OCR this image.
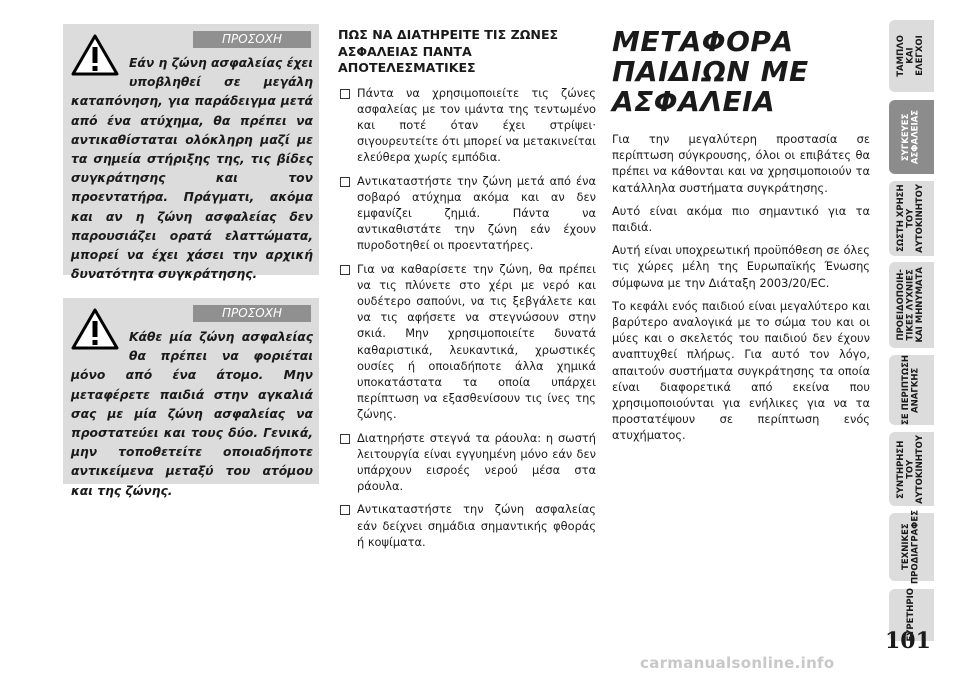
ΠΡΟΣΟΧΗ
Εάν η ζώνη ασφαλείας έχει υποβληθεί σε μεγάλη καταπόνηση, για παράδειγμα μετά από ένα ατύχημα, θα πρέπει να αντικαθίσταται ολόκληρη μαζί με τα σημεία στήριξης της, τις βίδες συγκράτησης και τον προεντατήρα. Πράγματι, ακόμα και αν η ζώνη ασφαλείας δεν παρουσιάζει ορατά ελαττώματα, μπορεί να έχει χάσει την αρχική δυνατότητα συγκράτησης.
ΠΡΟΣΟΧΗ
Κάθε μία ζώνη ασφαλείας θα πρέπει να φοριέται μόνο από ένα άτομο. Μην μεταφέρετε παιδιά στην αγκαλιά σας με μία ζώνη ασφαλείας να προστατεύει και τους δύο. Γενικά, μην τοποθετείτε οποιαδήποτε αντικείμενα μεταξύ του ατόμου και της ζώνης.
ΠΩΣ ΝΑ ΔΙΑΤΗΡΕΙΤΕ ΤΙΣ ΖΩΝΕΣ ΑΣΦΑΛΕΙΑΣ ΠΑΝΤΑ ΑΠΟΤΕΛΕΣΜΑΤΙΚΕΣ
Πάντα να χρησιμοποιείτε τις ζώνες ασφαλείας με τον ιμάντα της τεντωμένο και ποτέ όταν έχει στρίψει· σιγουρευτείτε ότι μπορεί να μετακινείται ελεύθερα χωρίς εμπόδια.
Αντικαταστήστε την ζώνη μετά από ένα σοβαρό ατύχημα ακόμα και αν δεν εμφανίζει ζημιά. Πάντα να αντικαθιστάτε την ζώνη εάν έχουν πυροδοτηθεί οι προεντατήρες.
Για να καθαρίσετε την ζώνη, θα πρέπει να τις πλύνετε στο χέρι με νερό και ουδέτερο σαπούνι, να τις ξεβγάλετε και να τις αφήσετε να στεγνώσουν στην σκιά. Μην χρησιμοποιείτε δυνατά καθαριστικά, λευκαντικά, χρωστικές ουσίες ή οποιαδήποτε άλλα χημικά υποκατάστατα τα οποία υπάρχει περίπτωση να εξασθενίσουν τις ίνες της ζώνης.
Διατηρήστε στεγνά τα ράουλα: η σωστή λειτουργία είναι εγγυημένη μόνο εάν δεν υπάρχουν εισροές νερού μέσα στα ράουλα.
Αντικαταστήστε την ζώνη ασφαλείας εάν δείχνει σημάδια σημαντικής φθοράς ή κοψίματα.
ΜΕΤΑΦΟΡΑ ΠΑΙΔΙΩΝ ΜΕ ΑΣΦΑΛΕΙΑ

Για την μεγαλύτερη προστασία σε περίπτωση σύγκρουσης, όλοι οι επιβάτες θα πρέπει να κάθονται και να χρησιμοποιούν τα κατάλληλα συστήματα συγκράτησης.

Αυτό είναι ακόμα πιο σημαντικό για τα παιδιά.

Αυτή είναι υποχρεωτική προϋπόθεση σε όλες τις χώρες μέλη της Ευρωπαϊκής Ένωσης σύμφωνα με την Διάταξη 2003/20/ΕC.

Το κεφάλι ενός παιδιού είναι μεγαλύτερο και βαρύτερο αναλογικά με το σώμα του και οι μύες και ο σκελετός του παιδιού δεν έχουν αναπτυχθεί πλήρως. Για αυτό τον λόγο, απαιτούν συστήματα συγκράτησης τα οποία είναι διαφορετικά από εκείνα που χρησιμοποιούνται για ενήλικες για να τα προστατέψουν σε περίπτωση ενός ατυχήματος.

ΤΑΜΠΛΟ
ΚΑΙ
ΕΛΕΓΧΟΙ
ΣΥΓΚΕΥΕΣ
ΑΣΦΑΛΕΙΑΣ
ΣΩΣΤΗ ΧΡΗΣΗ
ΤΟΥ
ΑΥΤΟΚΙΝΗΤΟΥ
ΠΡΟΕΙΔΟΠΟΙΗ-
ΤΙΚΕΣ ΛΥΧΝΙΕΣ
ΚΑΙ ΜΗΝΥΜΑΤΑ
ΣΕ ΠΕΡΙΠΤΩΣΗ
ΑΝΑΓΚΗΣ
ΣΥΝΤΗΡΗΣΗ
ΤΟΥ
ΑΥΤΟΚΙΝΗΤΟΥ
ΤΕΧΝΙΚΕΣ
ΠΡΟΔΙΑΓΡΑΦΕΣ
ΕΥΡΕΤΗΡΙΟ
101
carmanualsonline.info
